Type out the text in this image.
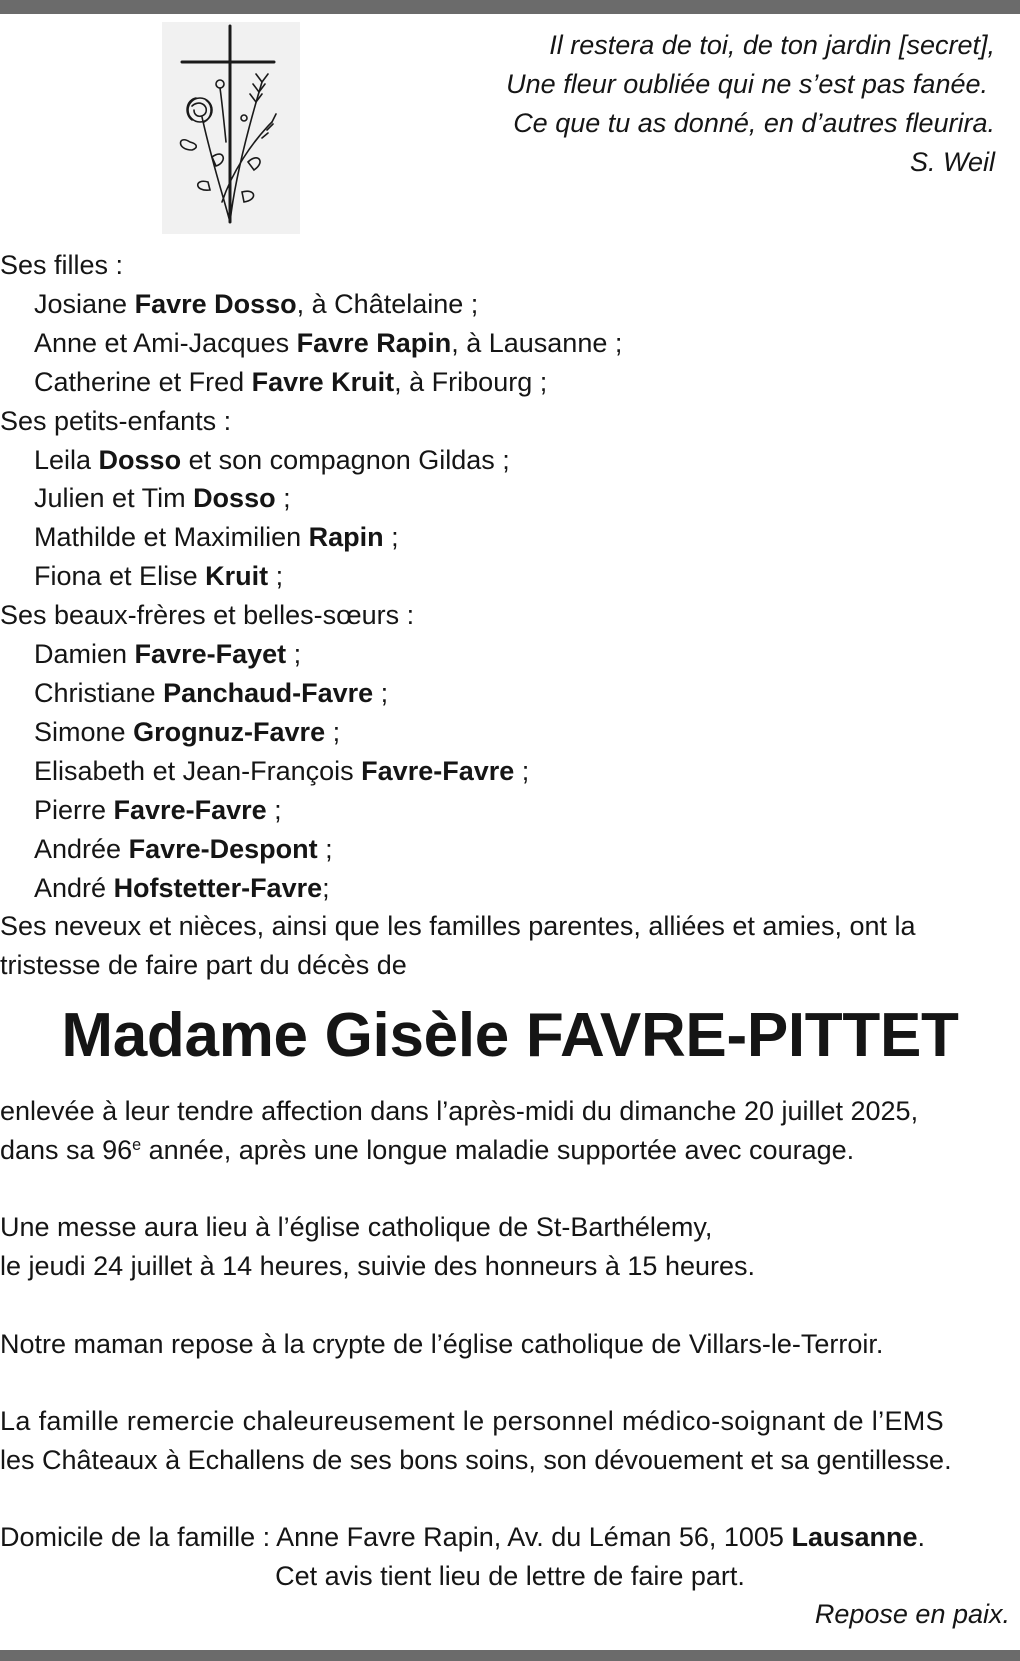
Il restera de toi, de ton jardin [secret],
Une fleur oubliée qui ne s’est pas fanée.
Ce que tu as donné, en d’autres fleurira.
S. Weil
Ses filles :
Josiane Favre Dosso, à Châtelaine ;
Anne et Ami-Jacques Favre Rapin, à Lausanne ;
Catherine et Fred Favre Kruit, à Fribourg ;
Ses petits-enfants :
Leila Dosso et son compagnon Gildas ;
Julien et Tim Dosso ;
Mathilde et Maximilien Rapin ;
Fiona et Elise Kruit ;
Ses beaux-frères et belles-sœurs :
Damien Favre-Fayet ;
Christiane Panchaud-Favre ;
Simone Grognuz-Favre ;
Elisabeth et Jean-François Favre-Favre ;
Pierre Favre-Favre ;
Andrée Favre-Despont ;
André Hofstetter-Favre;
Ses neveux et nièces, ainsi que les familles parentes, alliées et amies, ont la
tristesse de faire part du décès de
Madame Gisèle FAVRE-PITTET
enlevée à leur tendre affection dans l’après-midi du dimanche 20 juillet 2025,
dans sa 96e année, après une longue maladie supportée avec courage.
Une messe aura lieu à l’église catholique de St-Barthélemy,
le jeudi 24 juillet à 14 heures, suivie des honneurs à 15 heures.
Notre maman repose à la crypte de l’église catholique de Villars-le-Terroir.
La famille remercie chaleureusement le personnel médico-soignant de l’EMS
les Châteaux à Echallens de ses bons soins, son dévouement et sa gentillesse.
Domicile de la famille : Anne Favre Rapin, Av. du Léman 56, 1005 Lausanne.
Cet avis tient lieu de lettre de faire part.
Repose en paix.
